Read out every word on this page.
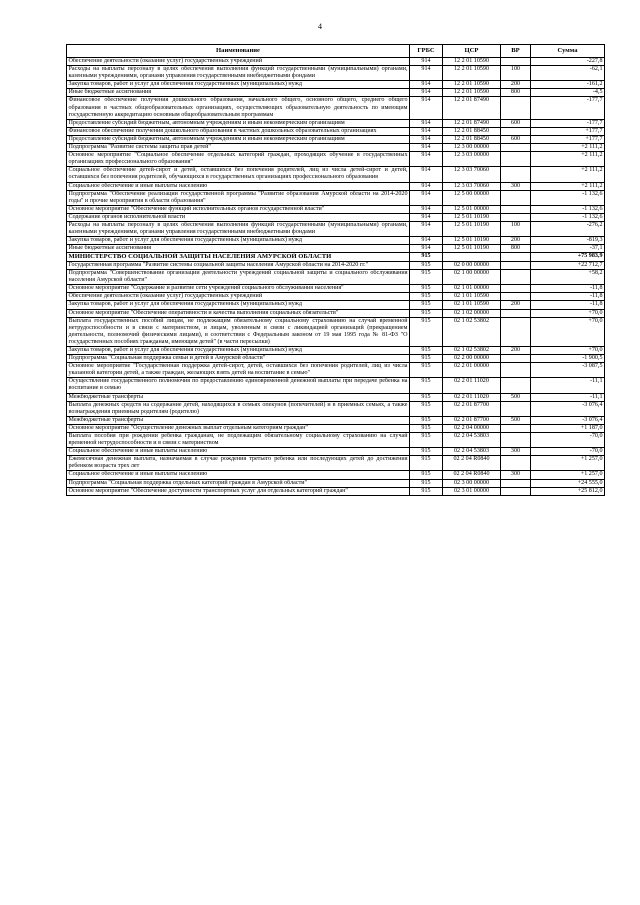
4
Наименование	ГРБС	ЦСР	ВР	Сумма
Обеспечение деятельности (оказание услуг) государственных учреждений	914	12 2 01 10590		-227,8
Расходы на выплаты персоналу в целях обеспечения выполнения функций государственными (муниципальными) органами, казенными учреждениями, органами управления государственными внебюджетными фондами	914	12 2 01 10590	100	-62,1
Закупка товаров, работ и услуг для обеспечения государственных (муниципальных) нужд	914	12 2 01 10590	200	-161,2
Иные бюджетные ассигнования	914	12 2 01 10590	800	-4,5
Финансовое обеспечение получения дошкольного образования, начального общего, основного общего, среднего общего образования в частных общеобразовательных организациях, осуществляющих образовательную деятельность по имеющим государственную аккредитацию основным общеобразовательным программам	914	12 2 01 87490		-177,7
Предоставление субсидий бюджетным, автономным учреждениям и иным некоммерческим организациям	914	12 2 01 87490	600	-177,7
Финансовое обеспечение получения дошкольного образования в частных дошкольных образовательных организациях	914	12 2 01 88450		+177,7
Предоставление субсидий бюджетным, автономным учреждениям и иным некоммерческим организациям	914	12 2 01 88450	600	+177,7
Подпрограмма "Развитие системы защиты прав детей"	914	12 3 00 00000		+2 111,2
Основное мероприятие "Социальное обеспечение отдельных категорий граждан, проходящих обучение в государственных организациях профессионального образования"	914	12 3 03 00000		+2 111,2
Социальное обеспечение детей-сирот и детей, оставшихся без попечения родителей, лиц из числа детей-сирот и детей, оставшихся без попечения родителей, обучающихся в государственных организациях профессионального образования	914	12 3 03 70060		+2 111,2
Социальное обеспечение и иные выплаты населению	914	12 3 03 70060	300	+2 111,2
Подпрограмма "Обеспечение реализации государственной программы "Развитие образования Амурской области на 2014-2020 годы" и прочие мероприятия в области образования"	914	12 5 00 00000		-1 132,6
Основное мероприятие "Обеспечение функций исполнительных органов государственной власти"	914	12 5 01 00000		-1 132,6
Содержание органов исполнительной власти	914	12 5 01 10190		-1 132,6
Расходы на выплаты персоналу в целях обеспечения выполнения функций государственными (муниципальными) органами, казенными учреждениями, органами управления государственными внебюджетными фондами	914	12 5 01 10190	100	-276,2
Закупка товаров, работ и услуг для обеспечения государственных (муниципальных) нужд	914	12 5 01 10190	200	-819,3
Иные бюджетные ассигнования	914	12 5 01 10190	800	-37,1
МИНИСТЕРСТВО СОЦИАЛЬНОЙ ЗАЩИТЫ НАСЕЛЕНИЯ АМУРСКОЙ ОБЛАСТИ	915			+75 983,9
Государственная программа "Развитие системы социальной защиты населения Амурской области на 2014-2020 гг."	915	02 0 00 00000		+22 712,7
Подпрограмма "Совершенствование организации деятельности учреждений социальной защиты и социального обслуживания населения Амурской области"	915	02 1 00 00000		+58,2
Основное мероприятие "Содержание и развитие сети учреждений социального обслуживания населения"	915	02 1 01 00000		-11,8
Обеспечение деятельности (оказание услуг) государственных учреждений	915	02 1 01 10590		-11,8
Закупка товаров, работ и услуг для обеспечения государственных (муниципальных) нужд	915	02 1 01 10590	200	-11,8
Основное мероприятие "Обеспечение оперативности и качества выполнения социальных обязательств"	915	02 1 02 00000		+70,0
Выплата государственных пособий лицам, не подлежащим обязательному социальному страхованию на случай временной нетрудоспособности и в связи с материнством, и лицам, уволенным в связи с ликвидацией организаций (прекращением деятельности, полномочий физическими лицами), в соответствии с Федеральным законом от 19 мая 1995 года № 81-ФЗ "О государственных пособиях гражданам, имеющим детей" (в части пересылки)	915	02 1 02 53802		+70,0
Закупка товаров, работ и услуг для обеспечения государственных (муниципальных) нужд	915	02 1 02 53802	200	+70,0
Подпрограмма "Социальная поддержка семьи и детей в Амурской области"	915	02 2 00 00000		-1 900,5
Основное мероприятие "Государственная поддержка детей-сирот, детей, оставшихся без попечения родителей, лиц из числа указанной категории детей, а также граждан, желающих взять детей на воспитание в семью"	915	02 2 01 00000		-3 087,5
Осуществление государственного полномочия по предоставлению единовременной денежной выплаты при передаче ребенка на воспитание в семью	915	02 2 01 11020		-11,1
Межбюджетные трансферты	915	02 2 01 11020	500	-11,1
Выплата денежных средств на содержание детей, находящихся в семьях опекунов (попечителей) и в приемных семьях, а также вознаграждения приемным родителям (родителю)	915	02 2 01 87700		-3 076,4
Межбюджетные трансферты	915	02 2 01 87700	500	-3 076,4
Основное мероприятие "Осуществление денежных выплат отдельным категориям граждан"	915	02 2 04 00000		+1 187,0
Выплата пособия при рождении ребенка гражданам, не подлежащим обязательному социальному страхованию на случай временной нетрудоспособности и в связи с материнством	915	02 2 04 53803		-70,0
Социальное обеспечение и иные выплаты населению	915	02 2 04 53803	300	-70,0
Ежемесячная денежная выплата, назначаемая в случае рождения третьего ребенка или последующих детей до достижения ребенком возраста трех лет	915	02 2 04 R0840		+1 257,0
Социальное обеспечение и иные выплаты населению	915	02 2 04 R0840	300	+1 257,0
Подпрограмма "Социальная поддержка отдельных категорий граждан в Амурской области"	915	02 3 00 00000		+24 555,0
Основное мероприятие "Обеспечение доступности транспортных услуг для отдельных категорий граждан"	915	02 3 01 00000		+25 812,0
